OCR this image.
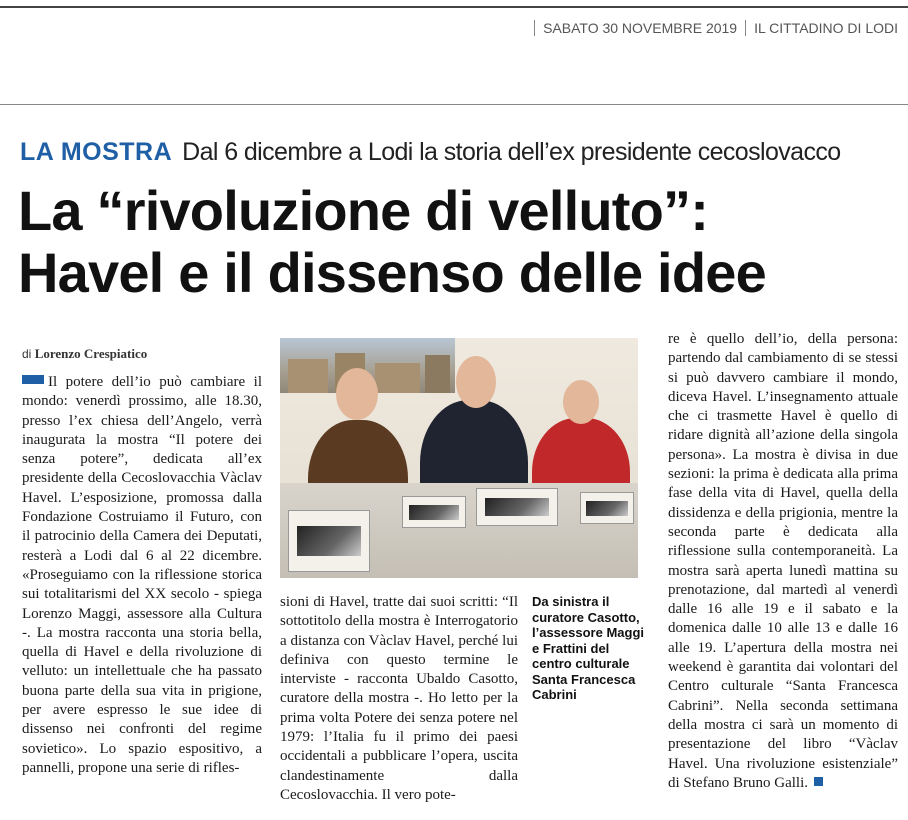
SABATO 30 NOVEMBRE 2019 IL CITTADINO DI LODI
LA MOSTRA Dal 6 dicembre a Lodi la storia dell’ex presidente cecoslovacco
La “rivoluzione di velluto”:
Havel e il dissenso delle idee
di Lorenzo Crespiatico
Il potere dell’io può cambiare il mondo: venerdì prossimo, alle 18.30, presso l’ex chiesa dell’Angelo, verrà inaugurata la mostra “Il potere dei senza potere”, dedicata all’ex presidente della Cecoslovacchia Vàclav Havel. L’esposizione, promossa dalla Fondazione Costruiamo il Futuro, con il patrocinio della Camera dei Deputati, resterà a Lodi dal 6 al 22 dicembre. «Proseguiamo con la riflessione storica sui totalitarismi del XX secolo - spiega Lorenzo Maggi, assessore alla Cultura -. La mostra racconta una storia bella, quella di Havel e della rivoluzione di velluto: un intellettuale che ha passato buona parte della sua vita in prigione, per avere espresso le sue idee di dissenso nei confronti del regime sovietico». Lo spazio espositivo, a pannelli, propone una serie di rifles-
sioni di Havel, tratte dai suoi scritti: “Il sottotitolo della mostra è Interrogatorio a distanza con Vàclav Havel, perché lui definiva con questo termine le interviste - racconta Ubaldo Casotto, curatore della mostra -. Ho letto per la prima volta Potere dei senza potere nel 1979: l’Italia fu il primo dei paesi occidentali a pubblicare l’opera, uscita clandestinamente dalla Cecoslovacchia. Il vero pote-
Da sinistra il curatore Casotto, l’assessore Maggi e Frattini del centro culturale Santa Francesca Cabrini
re è quello dell’io, della persona: partendo dal cambiamento di se stessi si può davvero cambiare il mondo, diceva Havel. L’insegnamento attuale che ci trasmette Havel è quello di ridare dignità all’azione della singola persona». La mostra è divisa in due sezioni: la prima è dedicata alla prima fase della vita di Havel, quella della dissidenza e della prigionia, mentre la seconda parte è dedicata alla riflessione sulla contemporaneità. La mostra sarà aperta lunedì mattina su prenotazione, dal martedì al venerdì dalle 16 alle 19 e il sabato e la domenica dalle 10 alle 13 e dalle 16 alle 19. L’apertura della mostra nei weekend è garantita dai volontari del Centro culturale “Santa Francesca Cabrini”. Nella seconda settimana della mostra ci sarà un momento di presentazione del libro “Vàclav Havel. Una rivoluzione esistenziale” di Stefano Bruno Galli.
